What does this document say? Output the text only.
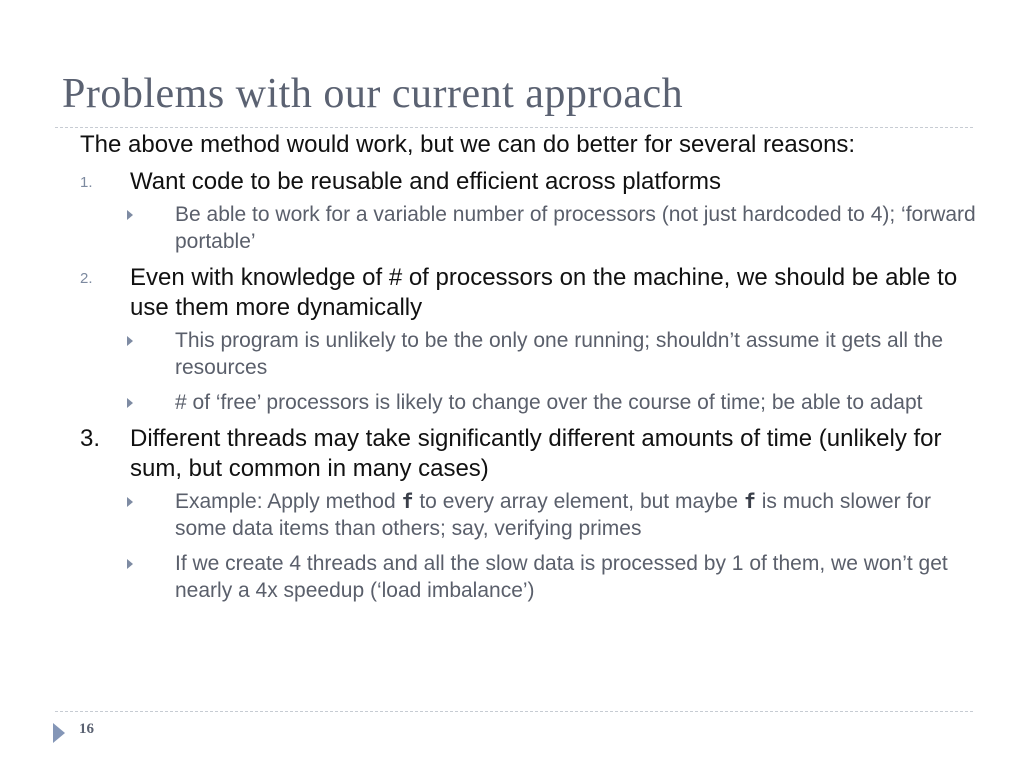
Problems with our current approach

The above method would work, but we can do better for several reasons:

1. Want code to be reusable and efficient across platforms
Be able to work for a variable number of processors (not just hardcoded to 4); ‘forward portable’
2. Even with knowledge of # of processors on the machine, we should be able to use them more dynamically
This program is unlikely to be the only one running; shouldn’t assume it gets all the resources
# of ‘free’ processors is likely to change over the course of time; be able to adapt
3. Different threads may take significantly different amounts of time (unlikely for sum, but common in many cases)
Example: Apply method f to every array element, but maybe f is much slower for some data items than others; say, verifying primes
If we create 4 threads and all the slow data is processed by 1 of them, we won’t get nearly a 4x speedup (‘load imbalance’)
16
